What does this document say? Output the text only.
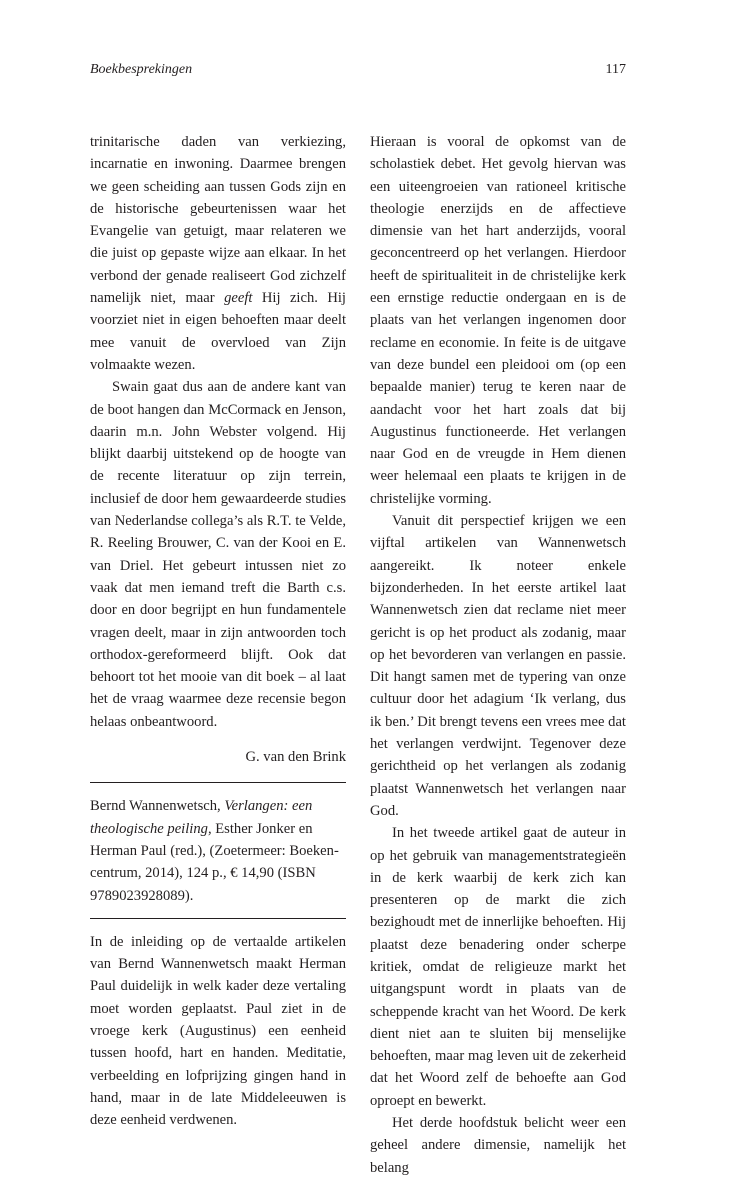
Boekbesprekingen	117

trinitarische daden van verkiezing, incarnatie en inwoning. Daarmee brengen we geen scheiding aan tussen Gods zijn en de historische gebeurtenissen waar het Evangelie van getuigt, maar relateren we die juist op gepaste wijze aan elkaar. In het verbond der genade realiseert God zichzelf namelijk niet, maar geeft Hij zich. Hij voorziet niet in eigen behoeften maar deelt mee vanuit de overvloed van Zijn volmaakte wezen.

Swain gaat dus aan de andere kant van de boot hangen dan McCormack en Jenson, daarin m.n. John Webster volgend. Hij blijkt daarbij uitstekend op de hoogte van de recente literatuur op zijn terrein, inclusief de door hem gewaardeerde studies van Nederlandse collega’s als R.T. te Velde, R. Reeling Brouwer, C. van der Kooi en E. van Driel. Het gebeurt intussen niet zo vaak dat men iemand treft die Barth c.s. door en door begrijpt en hun fundamentele vragen deelt, maar in zijn antwoorden toch orthodox-gereformeerd blijft. Ook dat behoort tot het mooie van dit boek – al laat het de vraag waarmee deze recensie begon helaas onbeantwoord.

G. van den Brink

Bernd Wannenwetsch, Verlangen: een theologische peiling, Esther Jonker en Herman Paul (red.), (Zoetermeer: Boekencentrum, 2014), 124 p., € 14,90 (ISBN 9789023928089).

In de inleiding op de vertaalde artikelen van Bernd Wannenwetsch maakt Herman Paul duidelijk in welk kader deze vertaling moet worden geplaatst. Paul ziet in de vroege kerk (Augustinus) een eenheid tussen hoofd, hart en handen. Meditatie, verbeelding en lofprijzing gingen hand in hand, maar in de late Middeleeuwen is deze eenheid verdwenen.

Hieraan is vooral de opkomst van de scholastiek debet. Het gevolg hiervan was een uiteengroeien van rationeel kritische theologie enerzijds en de affectieve dimensie van het hart anderzijds, vooral geconcentreerd op het verlangen. Hierdoor heeft de spiritualiteit in de christelijke kerk een ernstige reductie ondergaan en is de plaats van het verlangen ingenomen door reclame en economie. In feite is de uitgave van deze bundel een pleidooi om (op een bepaalde manier) terug te keren naar de aandacht voor het hart zoals dat bij Augustinus functioneerde. Het verlangen naar God en de vreugde in Hem dienen weer helemaal een plaats te krijgen in de christelijke vorming.

Vanuit dit perspectief krijgen we een vijftal artikelen van Wannenwetsch aangereikt. Ik noteer enkele bijzonderheden. In het eerste artikel laat Wannenwetsch zien dat reclame niet meer gericht is op het product als zodanig, maar op het bevorderen van verlangen en passie. Dit hangt samen met de typering van onze cultuur door het adagium ‘Ik verlang, dus ik ben.’ Dit brengt tevens een vrees mee dat het verlangen verdwijnt. Tegenover deze gerichtheid op het verlangen als zodanig plaatst Wannenwetsch het verlangen naar God.

In het tweede artikel gaat de auteur in op het gebruik van managementstrategieën in de kerk waarbij de kerk zich kan presenteren op de markt die zich bezighoudt met de innerlijke behoeften. Hij plaatst deze benadering onder scherpe kritiek, omdat de religieuze markt het uitgangspunt wordt in plaats van de scheppende kracht van het Woord. De kerk dient niet aan te sluiten bij menselijke behoeften, maar mag leven uit de zekerheid dat het Woord zelf de behoefte aan God oproept en bewerkt.

Het derde hoofdstuk belicht weer een geheel andere dimensie, namelijk het belang
